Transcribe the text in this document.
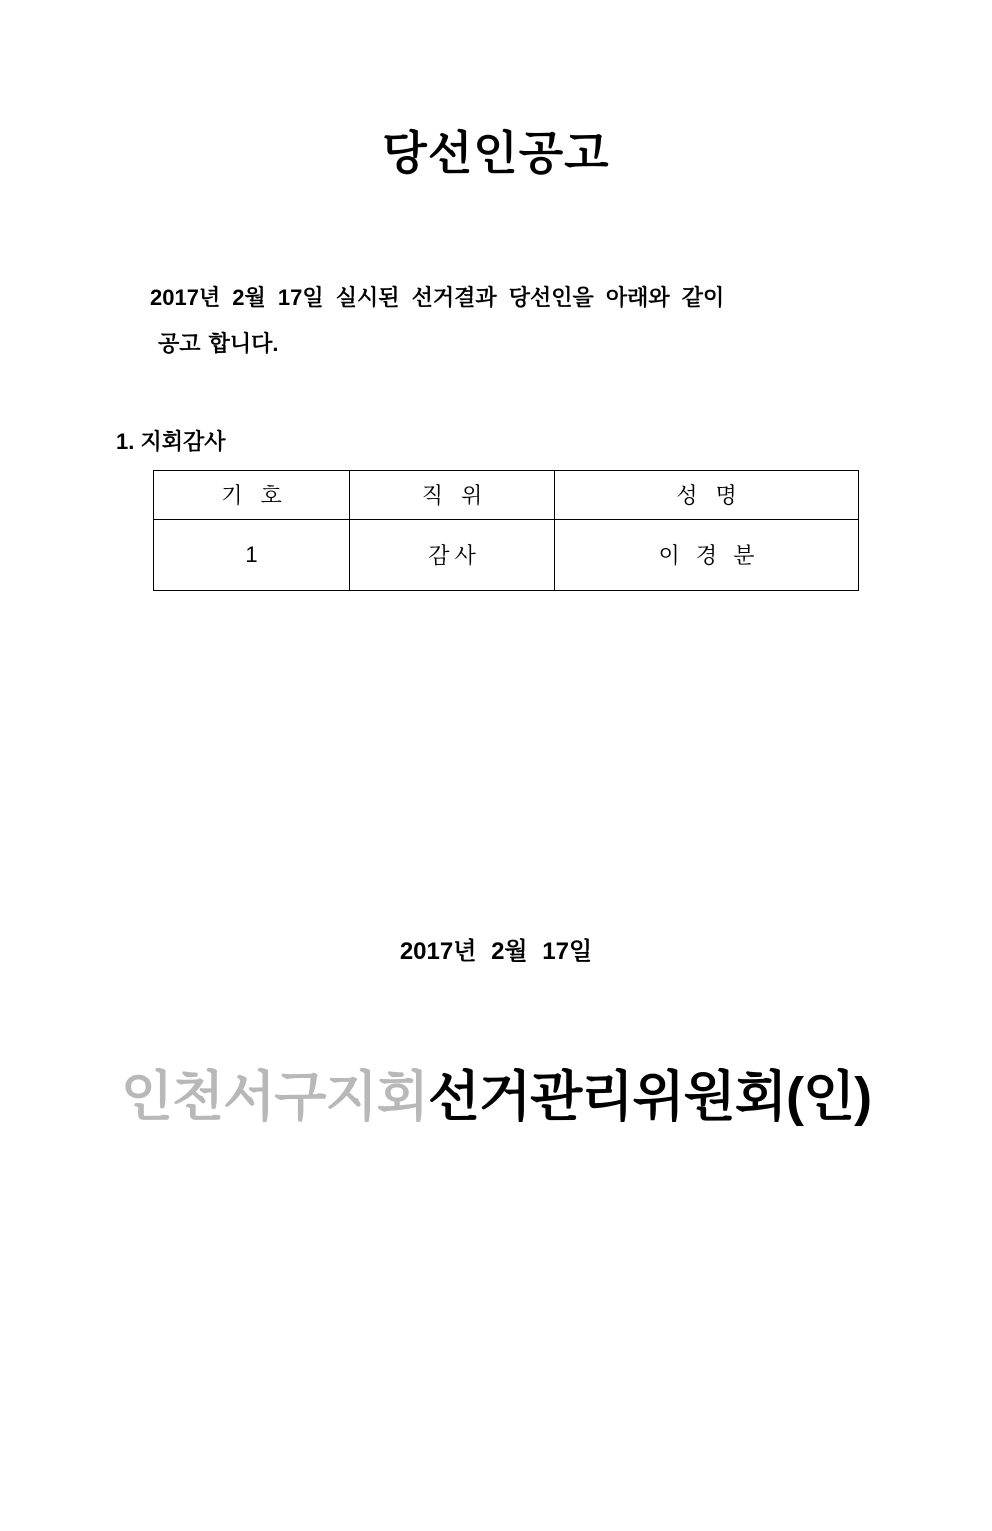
당선인공고
2017년 2월 17일 실시된 선거결과 당선인을 아래와 같이
공고 합니다.
1. 지회감사
기 호	직 위	성 명
1	감사	이 경 분
2017년 2월 17일
인천서구지회선거관리위원회(인)
